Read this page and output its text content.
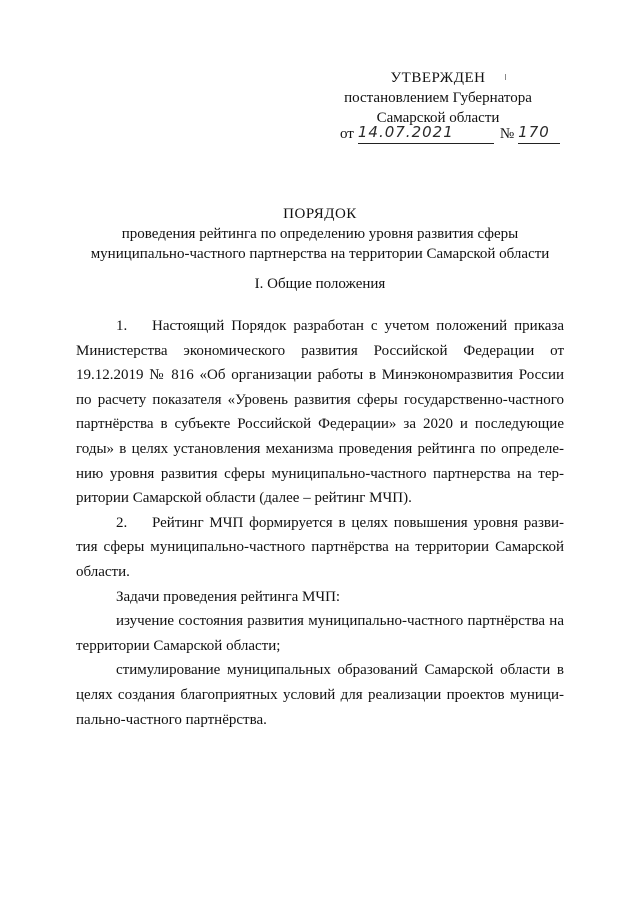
УТВЕРЖДЕН
постановлением Губернатора
Самарской области
от 14.07.2021	№ 170
ПОРЯДОК
проведения рейтинга по определению уровня развития сферы
муниципально-частного партнерства на территории Самарской области
I. Общие положения

1. Настоящий Порядок разработан с учетом положений приказа Министерства экономического развития Российской Федерации от 19.12.2019 № 816 «Об организации работы в Минэкономразвития России по расчету показателя «Уровень развития сферы государственно-частного партнёрства в субъекте Российской Федерации» за 2020 и последующие годы» в целях установления механизма проведения рейтинга по определению уровня развития сферы муниципально-частного партнерства на территории Самарской области (далее – рейтинг МЧП).

2. Рейтинг МЧП формируется в целях повышения уровня развития сферы муниципально-частного партнёрства на территории Самарской области.

Задачи проведения рейтинга МЧП:

изучение состояния развития муниципально-частного партнёрства на территории Самарской области;

стимулирование муниципальных образований Самарской области в целях создания благоприятных условий для реализации проектов муниципально-частного партнёрства.
